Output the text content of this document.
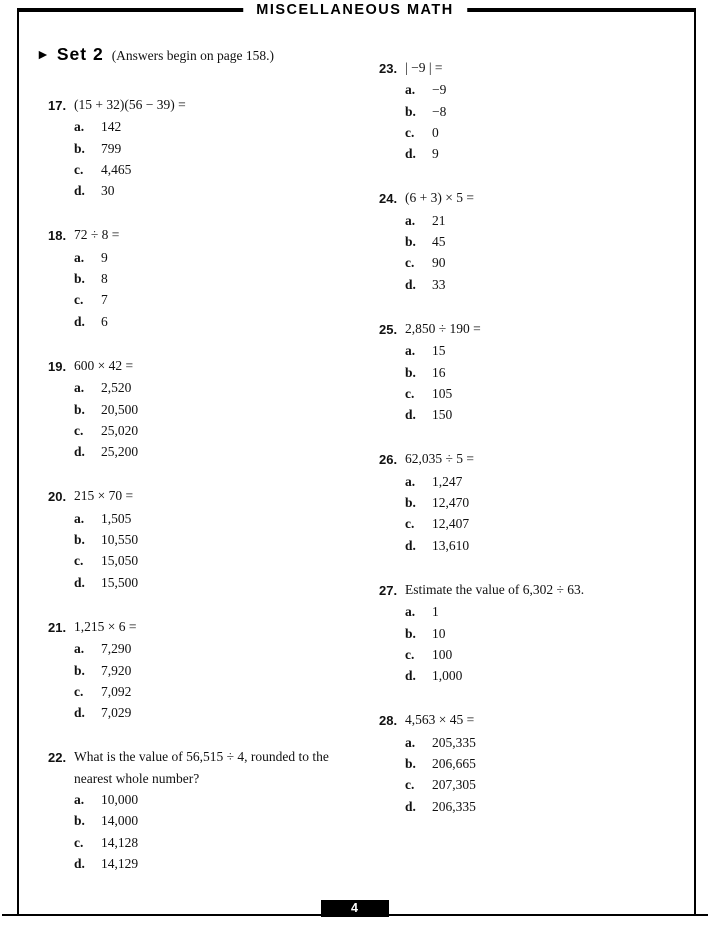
MISCELLANEOUS MATH
► Set 2 (Answers begin on page 158.)
17. (15 + 32)(56 − 39) =
a.	142
b.	799
c.	4,465
d.	30
18. 72 ÷ 8 =
a.	9
b.	8
c.	7
d.	6
19. 600 × 42 =
a.	2,520
b.	20,500
c.	25,020
d.	25,200
20. 215 × 70 =
a.	1,505
b.	10,550
c.	15,050
d.	15,500
21. 1,215 × 6 =
a.	7,290
b.	7,920
c.	7,092
d.	7,029
22. What is the value of 56,515 ÷ 4, rounded to the nearest whole number?
a.	10,000
b.	14,000
c.	14,128
d.	14,129
23. | −9 | =
a.	−9
b.	−8
c.	0
d.	9
24. (6 + 3) × 5 =
a.	21
b.	45
c.	90
d.	33
25. 2,850 ÷ 190 =
a.	15
b.	16
c.	105
d.	150
26. 62,035 ÷ 5 =
a.	1,247
b.	12,470
c.	12,407
d.	13,610
27. Estimate the value of 6,302 ÷ 63.
a.	1
b.	10
c.	100
d.	1,000
28. 4,563 × 45 =
a.	205,335
b.	206,665
c.	207,305
d.	206,335
4
